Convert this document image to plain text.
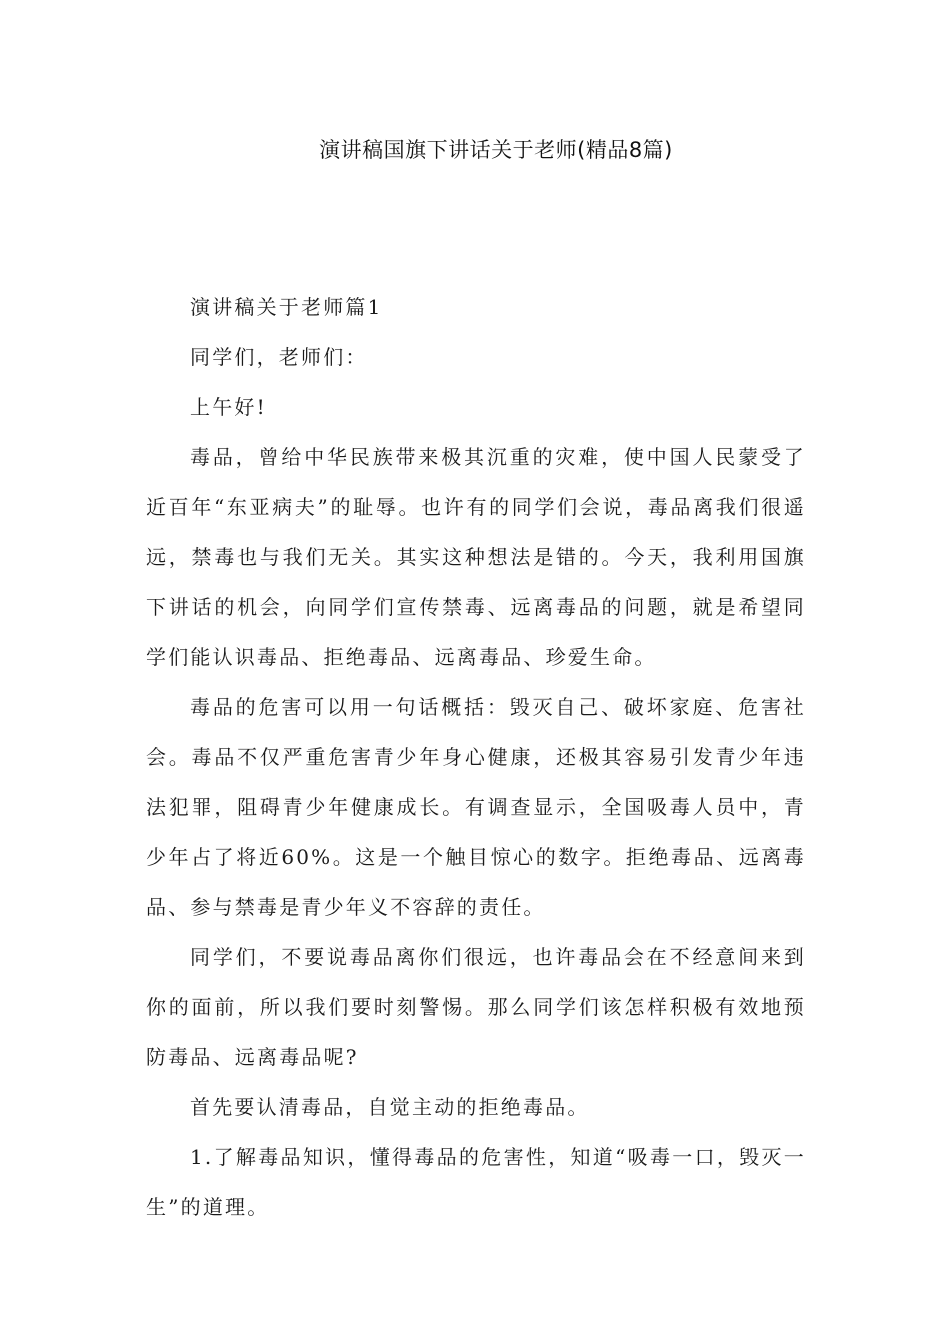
演讲稿国旗下讲话关于老师(精品8篇)

演讲稿关于老师篇1

同学们，老师们：

上午好!

毒品，曾给中华民族带来极其沉重的灾难，使中国人民蒙受了近百年“东亚病夫”的耻辱。也许有的同学们会说，毒品离我们很遥远，禁毒也与我们无关。其实这种想法是错的。今天，我利用国旗下讲话的机会，向同学们宣传禁毒、远离毒品的问题，就是希望同学们能认识毒品、拒绝毒品、远离毒品、珍爱生命。

毒品的危害可以用一句话概括：毁灭自己、破坏家庭、危害社会。毒品不仅严重危害青少年身心健康，还极其容易引发青少年违法犯罪，阻碍青少年健康成长。有调查显示，全国吸毒人员中，青少年占了将近60%。这是一个触目惊心的数字。拒绝毒品、远离毒品、参与禁毒是青少年义不容辞的责任。

同学们，不要说毒品离你们很远，也许毒品会在不经意间来到你的面前，所以我们要时刻警惕。那么同学们该怎样积极有效地预防毒品、远离毒品呢?

首先要认清毒品，自觉主动的拒绝毒品。

1.了解毒品知识，懂得毒品的危害性，知道“吸毒一口，毁灭一生”的道理。
